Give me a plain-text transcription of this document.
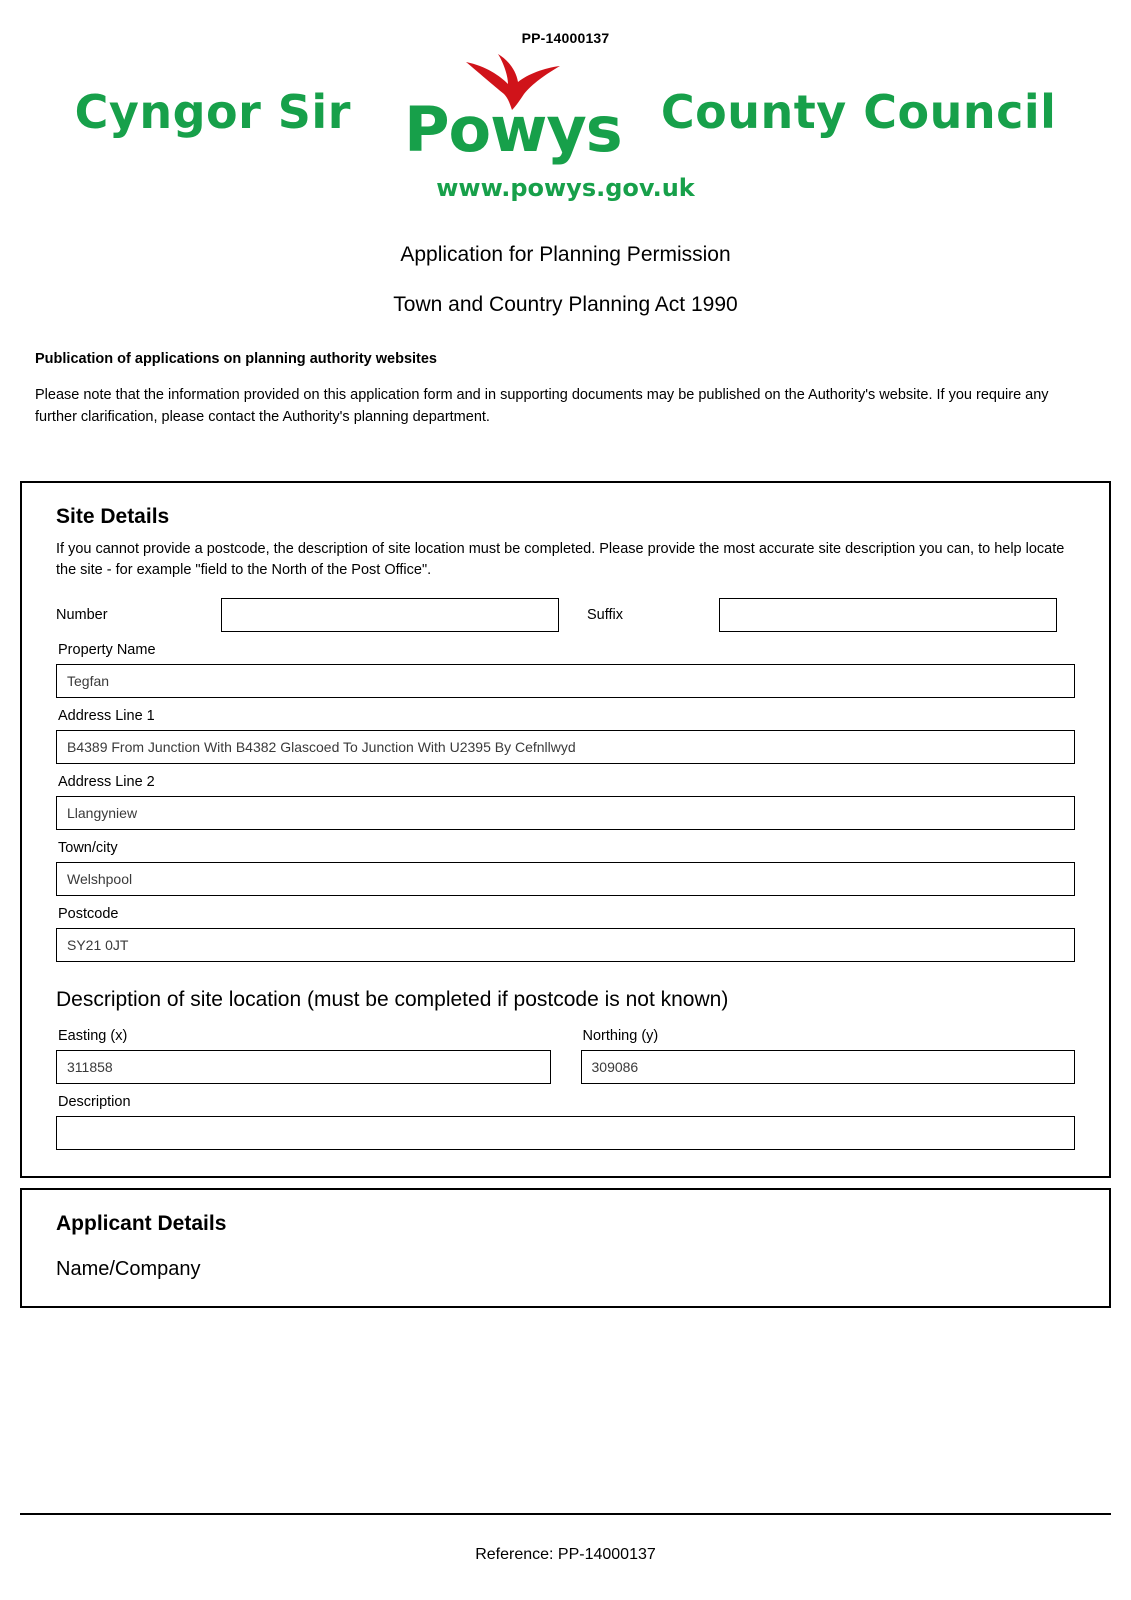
PP-14000137
Cyngor Sir Powys County Council
www.powys.gov.uk
Application for Planning Permission
Town and Country Planning Act 1990
Publication of applications on planning authority websites
Please note that the information provided on this application form and in supporting documents may be published on the Authority's website. If you require any further clarification, please contact the Authority's planning department.
Site Details
If you cannot provide a postcode, the description of site location must be completed. Please provide the most accurate site description you can, to help locate the site - for example "field to the North of the Post Office".
Number	Suffix
Property Name
Tegfan
Address Line 1
B4389 From Junction With B4382 Glascoed To Junction With U2395 By Cefnllwyd
Address Line 2
Llangyniew
Town/city
Welshpool
Postcode
SY21 0JT
Description of site location (must be completed if postcode is not known)
Easting (x)
311858
Northing (y)
309086
Description
Applicant Details
Name/Company
Reference: PP-14000137
